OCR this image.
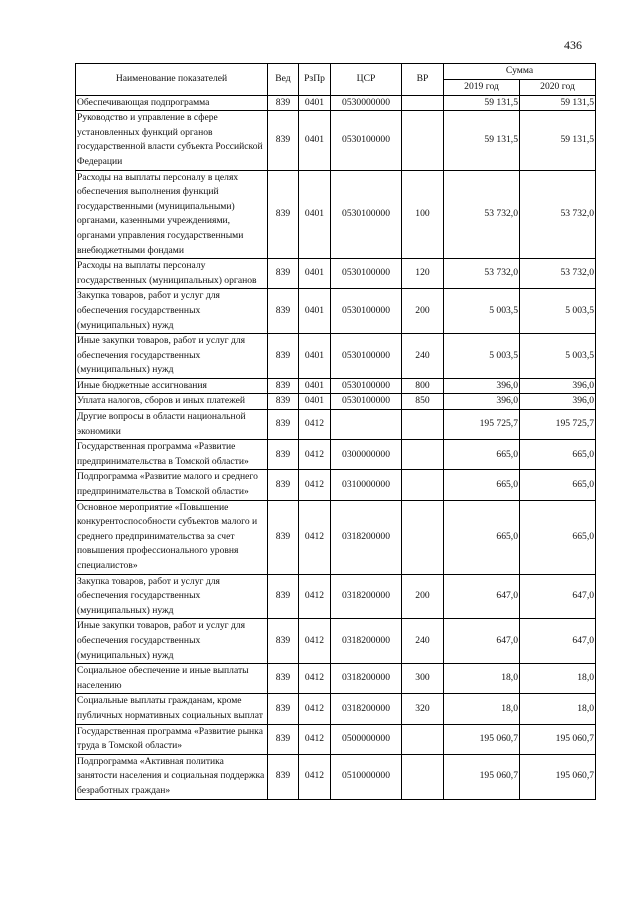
436
Наименование показателей	Вед	РзПр	ЦСР	ВР	Сумма	
					2019 год	2020 год
Обеспечивающая подпрограмма	839	0401	0530000000		59 131,5	59 131,5
Руководство и управление в сфере установленных функций органов государственной власти субъекта Российской Федерации	839	0401	0530100000		59 131,5	59 131,5
Расходы на выплаты персоналу в целях обеспечения выполнения функций государственными (муниципальными) органами, казенными учреждениями, органами управления государственными внебюджетными фондами	839	0401	0530100000	100	53 732,0	53 732,0
Расходы на выплаты персоналу государственных (муниципальных) органов	839	0401	0530100000	120	53 732,0	53 732,0
Закупка товаров, работ и услуг для обеспечения государственных (муниципальных) нужд	839	0401	0530100000	200	5 003,5	5 003,5
Иные закупки товаров, работ и услуг для обеспечения государственных (муниципальных) нужд	839	0401	0530100000	240	5 003,5	5 003,5
Иные бюджетные ассигнования	839	0401	0530100000	800	396,0	396,0
Уплата налогов, сборов и иных платежей	839	0401	0530100000	850	396,0	396,0
Другие вопросы в области национальной экономики	839	0412			195 725,7	195 725,7
Государственная программа «Развитие предпринимательства в Томской области»	839	0412	0300000000		665,0	665,0
Подпрограмма «Развитие малого и среднего предпринимательства в Томской области»	839	0412	0310000000		665,0	665,0
Основное мероприятие «Повышение конкурентоспособности субъектов малого и среднего предпринимательства за счет повышения профессионального уровня специалистов»	839	0412	0318200000		665,0	665,0
Закупка товаров, работ и услуг для обеспечения государственных (муниципальных) нужд	839	0412	0318200000	200	647,0	647,0
Иные закупки товаров, работ и услуг для обеспечения государственных (муниципальных) нужд	839	0412	0318200000	240	647,0	647,0
Социальное обеспечение и иные выплаты населению	839	0412	0318200000	300	18,0	18,0
Социальные выплаты гражданам, кроме публичных нормативных социальных выплат	839	0412	0318200000	320	18,0	18,0
Государственная программа «Развитие рынка труда в Томской области»	839	0412	0500000000		195 060,7	195 060,7
Подпрограмма «Активная политика занятости населения и социальная поддержка безработных граждан»	839	0412	0510000000		195 060,7	195 060,7
